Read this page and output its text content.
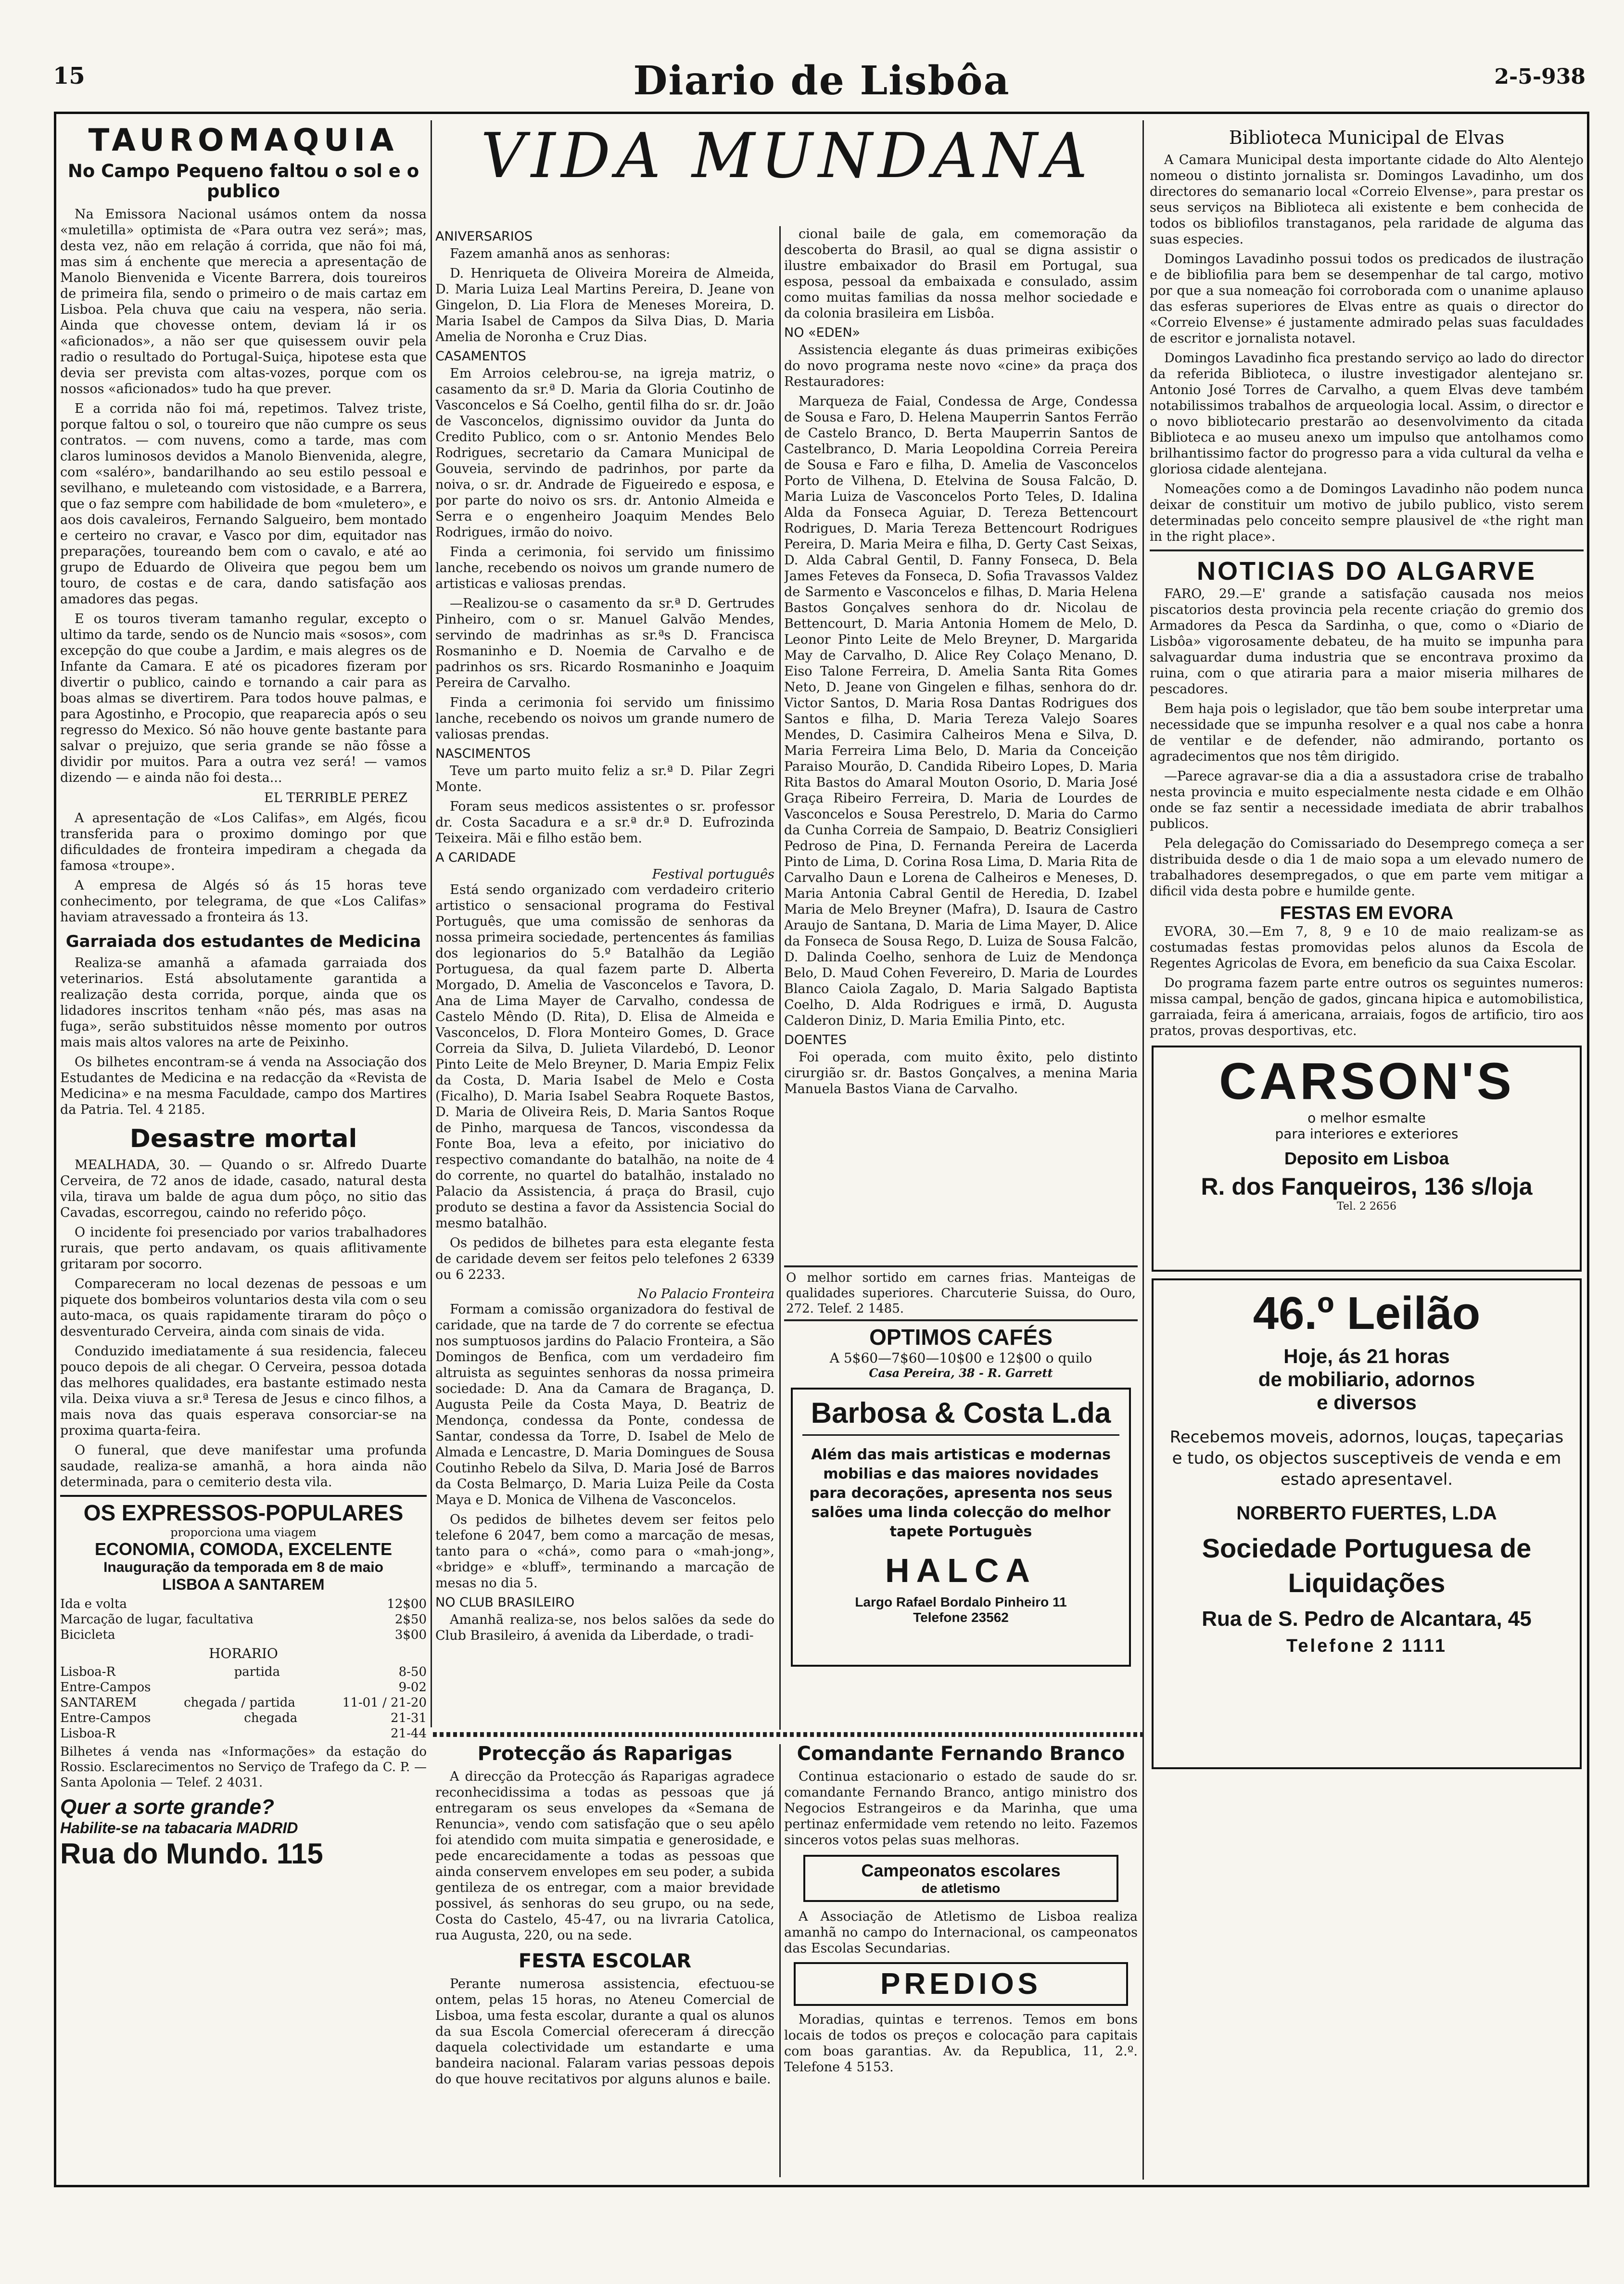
15	Diario de Lisbôa	2-5-938
TAUROMAQUIA
No Campo Pequeno faltou o sol e o publico

Na Emissora Nacional usámos ontem da nossa «muletilla» optimista de «Para outra vez será»; mas, desta vez, não em relação á corrida, que não foi má, mas sim á enchente que merecia a apresentação de Manolo Bienvenida e Vicente Barrera, dois toureiros de primeira fila, sendo o primeiro o de mais cartaz em Lisboa. Pela chuva que caiu na vespera, não seria. Ainda que chovesse ontem, deviam lá ir os «aficionados», a não ser que quisessem ouvir pela radio o resultado do Portugal-Suiça, hipotese esta que devia ser prevista com altas-vozes, porque com os nossos «aficionados» tudo ha que prever.

E a corrida não foi má, repetimos. Talvez triste, porque faltou o sol, o toureiro que não cumpre os seus contratos. — com nuvens, como a tarde, mas com claros luminosos devidos a Manolo Bienvenida, alegre, com «saléro», bandarilhando ao seu estilo pessoal e sevilhano, e muleteando com vistosidade, e a Barrera, que o faz sempre com habilidade de bom «muletero», e aos dois cavaleiros, Fernando Salgueiro, bem montado e certeiro no cravar, e Vasco por dim, equitador nas preparações, toureando bem com o cavalo, e até ao grupo de Eduardo de Oliveira que pegou bem um touro, de costas e de cara, dando satisfação aos amadores das pegas.

E os touros tiveram tamanho regular, excepto o ultimo da tarde, sendo os de Nuncio mais «sosos», com excepção do que coube a Jardim, e mais alegres os de Infante da Camara. E até os picadores fizeram por divertir o publico, caindo e tornando a cair para as boas almas se divertirem. Para todos houve palmas, e para Agostinho, e Procopio, que reaparecia após o seu regresso do Mexico. Só não houve gente bastante para salvar o prejuizo, que seria grande se não fôsse a dividir por muitos. Para a outra vez será! — vamos dizendo — e ainda não foi desta...

EL TERRIBLE PEREZ

A apresentação de «Los Califas», em Algés, ficou transferida para o proximo domingo por que dificuldades de fronteira impediram a chegada da famosa «troupe».

A empresa de Algés só ás 15 horas teve conhecimento, por telegrama, de que «Los Califas» haviam atravessado a fronteira ás 13.

Garraiada dos estudantes de Medicina

Realiza-se amanhã a afamada garraiada dos veterinarios. Está absolutamente garantida a realização desta corrida, porque, ainda que os lidadores inscritos tenham «não pés, mas asas na fuga», serão substituidos nêsse momento por outros mais mais altos valores na arte de Peixinho.

Os bilhetes encontram-se á venda na Associação dos Estudantes de Medicina e na redacção da «Revista de Medicina» e na mesma Faculdade, campo dos Martires da Patria. Tel. 4 2185.

Desastre mortal

MEALHADA, 30. — Quando o sr. Alfredo Duarte Cerveira, de 72 anos de idade, casado, natural desta vila, tirava um balde de agua dum pôço, no sitio das Cavadas, escorregou, caindo no referido pôço.

O incidente foi presenciado por varios trabalhadores rurais, que perto andavam, os quais aflitivamente gritaram por socorro.

Compareceram no local dezenas de pessoas e um piquete dos bombeiros voluntarios desta vila com o seu auto-maca, os quais rapidamente tiraram do pôço o desventurado Cerveira, ainda com sinais de vida.

Conduzido imediatamente á sua residencia, faleceu pouco depois de ali chegar. O Cerveira, pessoa dotada das melhores qualidades, era bastante estimado nesta vila. Deixa viuva a sr.ª Teresa de Jesus e cinco filhos, a mais nova das quais esperava consorciar-se na proxima quarta-feira.

O funeral, que deve manifestar uma profunda saudade, realiza-se amanhã, a hora ainda não determinada, para o cemiterio desta vila.

OS EXPRESSOS-POPULARES
proporciona uma viagem
ECONOMIA, COMODA, EXCELENTE
Inauguração da temporada em 8 de maio
LISBOA A SANTAREM
Ida e volta	12$00
Marcação de lugar, facultativa	2$50
Bicicleta	3$00
HORARIO
Lisboa-R	partida	8-50
Entre-Campos	9-02
SANTAREM	chegada / partida	11-01 / 21-20
Entre-Campos	chegada	21-31
Lisboa-R	21-44
Bilhetes á venda nas «Informações» da estação do Rossio. Esclarecimentos no Serviço de Trafego da C. P. — Santa Apolonia — Telef. 2 4031.
Quer a sorte grande?
Habilite-se na tabacaria MADRID
Rua do Mundo. 115
VIDA MUNDANA
ANIVERSARIOS

Fazem amanhã anos as senhoras:

D. Henriqueta de Oliveira Moreira de Almeida, D. Maria Luiza Leal Martins Pereira, D. Jeane von Gingelon, D. Lia Flora de Meneses Moreira, D. Maria Isabel de Campos da Silva Dias, D. Maria Amelia de Noronha e Cruz Dias.

CASAMENTOS

Em Arroios celebrou-se, na igreja matriz, o casamento da sr.ª D. Maria da Gloria Coutinho de Vasconcelos e Sá Coelho, gentil filha do sr. dr. João de Vasconcelos, dignissimo ouvidor da Junta do Credito Publico, com o sr. Antonio Mendes Belo Rodrigues, secretario da Camara Municipal de Gouveia, servindo de padrinhos, por parte da noiva, o sr. dr. Andrade de Figueiredo e esposa, e por parte do noivo os srs. dr. Antonio Almeida e Serra e o engenheiro Joaquim Mendes Belo Rodrigues, irmão do noivo.

Finda a cerimonia, foi servido um finissimo lanche, recebendo os noivos um grande numero de artisticas e valiosas prendas.

—Realizou-se o casamento da sr.ª D. Gertrudes Pinheiro, com o sr. Manuel Galvão Mendes, servindo de madrinhas as sr.ªs D. Francisca Rosmaninho e D. Noemia de Carvalho e de padrinhos os srs. Ricardo Rosmaninho e Joaquim Pereira de Carvalho.

Finda a cerimonia foi servido um finissimo lanche, recebendo os noivos um grande numero de valiosas prendas.

NASCIMENTOS

Teve um parto muito feliz a sr.ª D. Pilar Zegri Monte.

Foram seus medicos assistentes o sr. professor dr. Costa Sacadura e a sr.ª dr.ª D. Eufrozinda Teixeira. Mãi e filho estão bem.

A CARIDADE
Festival português

Está sendo organizado com verdadeiro criterio artistico o sensacional programa do Festival Português, que uma comissão de senhoras da nossa primeira sociedade, pertencentes ás familias dos legionarios do 5.º Batalhão da Legião Portuguesa, da qual fazem parte D. Alberta Morgado, D. Amelia de Vasconcelos e Tavora, D. Ana de Lima Mayer de Carvalho, condessa de Castelo Mêndo (D. Rita), D. Elisa de Almeida e Vasconcelos, D. Flora Monteiro Gomes, D. Grace Correia da Silva, D. Julieta Vilardebó, D. Leonor Pinto Leite de Melo Breyner, D. Maria Empiz Felix da Costa, D. Maria Isabel de Melo e Costa (Ficalho), D. Maria Isabel Seabra Roquete Bastos, D. Maria de Oliveira Reis, D. Maria Santos Roque de Pinho, marquesa de Tancos, viscondessa da Fonte Boa, leva a efeito, por iniciativo do respectivo comandante do batalhão, na noite de 4 do corrente, no quartel do batalhão, instalado no Palacio da Assistencia, á praça do Brasil, cujo produto se destina a favor da Assistencia Social do mesmo batalhão.

Os pedidos de bilhetes para esta elegante festa de caridade devem ser feitos pelo telefones 2 6339 ou 6 2233.

No Palacio Fronteira

Formam a comissão organizadora do festival de caridade, que na tarde de 7 do corrente se efectua nos sumptuosos jardins do Palacio Fronteira, a São Domingos de Benfica, com um verdadeiro fim altruista as seguintes senhoras da nossa primeira sociedade: D. Ana da Camara de Bragança, D. Augusta Peile da Costa Maya, D. Beatriz de Mendonça, condessa da Ponte, condessa de Santar, condessa da Torre, D. Isabel de Melo de Almada e Lencastre, D. Maria Domingues de Sousa Coutinho Rebelo da Silva, D. Maria José de Barros da Costa Belmarço, D. Maria Luiza Peile da Costa Maya e D. Monica de Vilhena de Vasconcelos.

Os pedidos de bilhetes devem ser feitos pelo telefone 6 2047, bem como a marcação de mesas, tanto para o «chá», como para o «mah-jong», «bridge» e «bluff», terminando a marcação de mesas no dia 5.

NO CLUB BRASILEIRO

Amanhã realiza-se, nos belos salões da sede do Club Brasileiro, á avenida da Liberdade, o tradi-

cional baile de gala, em comemoração da descoberta do Brasil, ao qual se digna assistir o ilustre embaixador do Brasil em Portugal, sua esposa, pessoal da embaixada e consulado, assim como muitas familias da nossa melhor sociedade e da colonia brasileira em Lisbôa.

NO «EDEN»

Assistencia elegante ás duas primeiras exibições do novo programa neste novo «cine» da praça dos Restauradores:

Marqueza de Faial, Condessa de Arge, Condessa de Sousa e Faro, D. Helena Mauperrin Santos Ferrão de Castelo Branco, D. Berta Mauperrin Santos de Castelbranco, D. Maria Leopoldina Correia Pereira de Sousa e Faro e filha, D. Amelia de Vasconcelos Porto de Vilhena, D. Etelvina de Sousa Falcão, D. Maria Luiza de Vasconcelos Porto Teles, D. Idalina Alda da Fonseca Aguiar, D. Tereza Bettencourt Rodrigues, D. Maria Tereza Bettencourt Rodrigues Pereira, D. Maria Meira e filha, D. Gerty Cast Seixas, D. Alda Cabral Gentil, D. Fanny Fonseca, D. Bela James Feteves da Fonseca, D. Sofia Travassos Valdez de Sarmento e Vasconcelos e filhas, D. Maria Helena Bastos Gonçalves senhora do dr. Nicolau de Bettencourt, D. Maria Antonia Homem de Melo, D. Leonor Pinto Leite de Melo Breyner, D. Margarida May de Carvalho, D. Alice Rey Colaço Menano, D. Eiso Talone Ferreira, D. Amelia Santa Rita Gomes Neto, D. Jeane von Gingelen e filhas, senhora do dr. Victor Santos, D. Maria Rosa Dantas Rodrigues dos Santos e filha, D. Maria Tereza Valejo Soares Mendes, D. Casimira Calheiros Mena e Silva, D. Maria Ferreira Lima Belo, D. Maria da Conceição Paraiso Mourão, D. Candida Ribeiro Lopes, D. Maria Rita Bastos do Amaral Mouton Osorio, D. Maria José Graça Ribeiro Ferreira, D. Maria de Lourdes de Vasconcelos e Sousa Perestrelo, D. Maria do Carmo da Cunha Correia de Sampaio, D. Beatriz Consiglieri Pedroso de Pina, D. Fernanda Pereira de Lacerda Pinto de Lima, D. Corina Rosa Lima, D. Maria Rita de Carvalho Daun e Lorena de Calheiros e Meneses, D. Maria Antonia Cabral Gentil de Heredia, D. Izabel Maria de Melo Breyner (Mafra), D. Isaura de Castro Araujo de Santana, D. Maria de Lima Mayer, D. Alice da Fonseca de Sousa Rego, D. Luiza de Sousa Falcão, D. Dalinda Coelho, senhora de Luiz de Mendonça Belo, D. Maud Cohen Fevereiro, D. Maria de Lourdes Blanco Caiola Zagalo, D. Maria Salgado Baptista Coelho, D. Alda Rodrigues e irmã, D. Augusta Calderon Diniz, D. Maria Emilia Pinto, etc.

DOENTES

Foi operada, com muito êxito, pelo distinto cirurgião sr. dr. Bastos Gonçalves, a menina Maria Manuela Bastos Viana de Carvalho.

O melhor sortido em carnes frias. Manteigas de qualidades superiores. Charcuterie Suissa, do Ouro, 272. Telef. 2 1485.
OPTIMOS CAFÉS
A 5$60—7$60—10$00 e 12$00 o quilo
Casa Pereira, 38 - R. Garrett
Barbosa & Costa L.da
Além das mais artisticas e modernas mobilias e das maiores novidades para decorações, apresenta nos seus salões uma linda colecção do melhor tapete Portuguès
HALCA
Largo Rafael Bordalo Pinheiro 11
Telefone 23562
Protecção ás Raparigas

A direcção da Protecção ás Raparigas agradece reconhecidissima a todas as pessoas que já entregaram os seus envelopes da «Semana de Renuncia», vendo com satisfação que o seu apêlo foi atendido com muita simpatia e generosidade, e pede encarecidamente a todas as pessoas que ainda conservem envelopes em seu poder, a subida gentileza de os entregar, com a maior brevidade possivel, ás senhoras do seu grupo, ou na sede, Costa do Castelo, 45-47, ou na livraria Catolica, rua Augusta, 220, ou na sede.

FESTA ESCOLAR

Perante numerosa assistencia, efectuou-se ontem, pelas 15 horas, no Ateneu Comercial de Lisboa, uma festa escolar, durante a qual os alunos da sua Escola Comercial ofereceram á direcção daquela colectividade um estandarte e uma bandeira nacional. Falaram varias pessoas depois do que houve recitativos por alguns alunos e baile.

Comandante Fernando Branco

Continua estacionario o estado de saude do sr. comandante Fernando Branco, antigo ministro dos Negocios Estrangeiros e da Marinha, que uma pertinaz enfermidade vem retendo no leito. Fazemos sinceros votos pelas suas melhoras.

Campeonatos escolares
de atletismo

A Associação de Atletismo de Lisboa realiza amanhã no campo do Internacional, os campeonatos das Escolas Secundarias.

PREDIOS

Moradias, quintas e terrenos. Temos em bons locais de todos os preços e colocação para capitais com boas garantias. Av. da Republica, 11, 2.º. Telefone 4 5153.

Biblioteca Municipal de Elvas

A Camara Municipal desta importante cidade do Alto Alentejo nomeou o distinto jornalista sr. Domingos Lavadinho, um dos directores do semanario local «Correio Elvense», para prestar os seus serviços na Biblioteca ali existente e bem conhecida de todos os bibliofilos transtaganos, pela raridade de alguma das suas especies.

Domingos Lavadinho possui todos os predicados de ilustração e de bibliofilia para bem se desempenhar de tal cargo, motivo por que a sua nomeação foi corroborada com o unanime aplauso das esferas superiores de Elvas entre as quais o director do «Correio Elvense» é justamente admirado pelas suas faculdades de escritor e jornalista notavel.

Domingos Lavadinho fica prestando serviço ao lado do director da referida Biblioteca, o ilustre investigador alentejano sr. Antonio José Torres de Carvalho, a quem Elvas deve também notabilissimos trabalhos de arqueologia local. Assim, o director e o novo bibliotecario prestarão ao desenvolvimento da citada Biblioteca e ao museu anexo um impulso que antolhamos como brilhantissimo factor do progresso para a vida cultural da velha e gloriosa cidade alentejana.

Nomeações como a de Domingos Lavadinho não podem nunca deixar de constituir um motivo de jubilo publico, visto serem determinadas pelo conceito sempre plausivel de «the right man in the right place».

NOTICIAS DO ALGARVE

FARO, 29.—E' grande a satisfação causada nos meios piscatorios desta provincia pela recente criação do gremio dos Armadores da Pesca da Sardinha, o que, como o «Diario de Lisbôa» vigorosamente debateu, de ha muito se impunha para salvaguardar duma industria que se encontrava proximo da ruina, com o que atiraria para a maior miseria milhares de pescadores.

Bem haja pois o legislador, que tão bem soube interpretar uma necessidade que se impunha resolver e a qual nos cabe a honra de ventilar e de defender, não admirando, portanto os agradecimentos que nos têm dirigido.

—Parece agravar-se dia a dia a assustadora crise de trabalho nesta provincia e muito especialmente nesta cidade e em Olhão onde se faz sentir a necessidade imediata de abrir trabalhos publicos.

Pela delegação do Comissariado do Desemprego começa a ser distribuida desde o dia 1 de maio sopa a um elevado numero de trabalhadores desempregados, o que em parte vem mitigar a dificil vida desta pobre e humilde gente.

FESTAS EM EVORA

EVORA, 30.—Em 7, 8, 9 e 10 de maio realizam-se as costumadas festas promovidas pelos alunos da Escola de Regentes Agricolas de Evora, em beneficio da sua Caixa Escolar.

Do programa fazem parte entre outros os seguintes numeros: missa campal, benção de gados, gincana hipica e automobilistica, garraiada, feira á americana, arraiais, fogos de artificio, tiro aos pratos, provas desportivas, etc.

CARSON'S
o melhor esmalte
para interiores e exteriores
Deposito em Lisboa
R. dos Fanqueiros, 136 s/loja
Tel. 2 2656
46.º Leilão
Hoje, ás 21 horas
de mobiliario, adornos
e diversos
Recebemos moveis, adornos, louças, tapeçarias e tudo, os objectos susceptiveis de venda e em estado apresentavel.
NORBERTO FUERTES, L.DA
Sociedade Portuguesa de Liquidações
Rua de S. Pedro de Alcantara, 45
Telefone 2 1111
